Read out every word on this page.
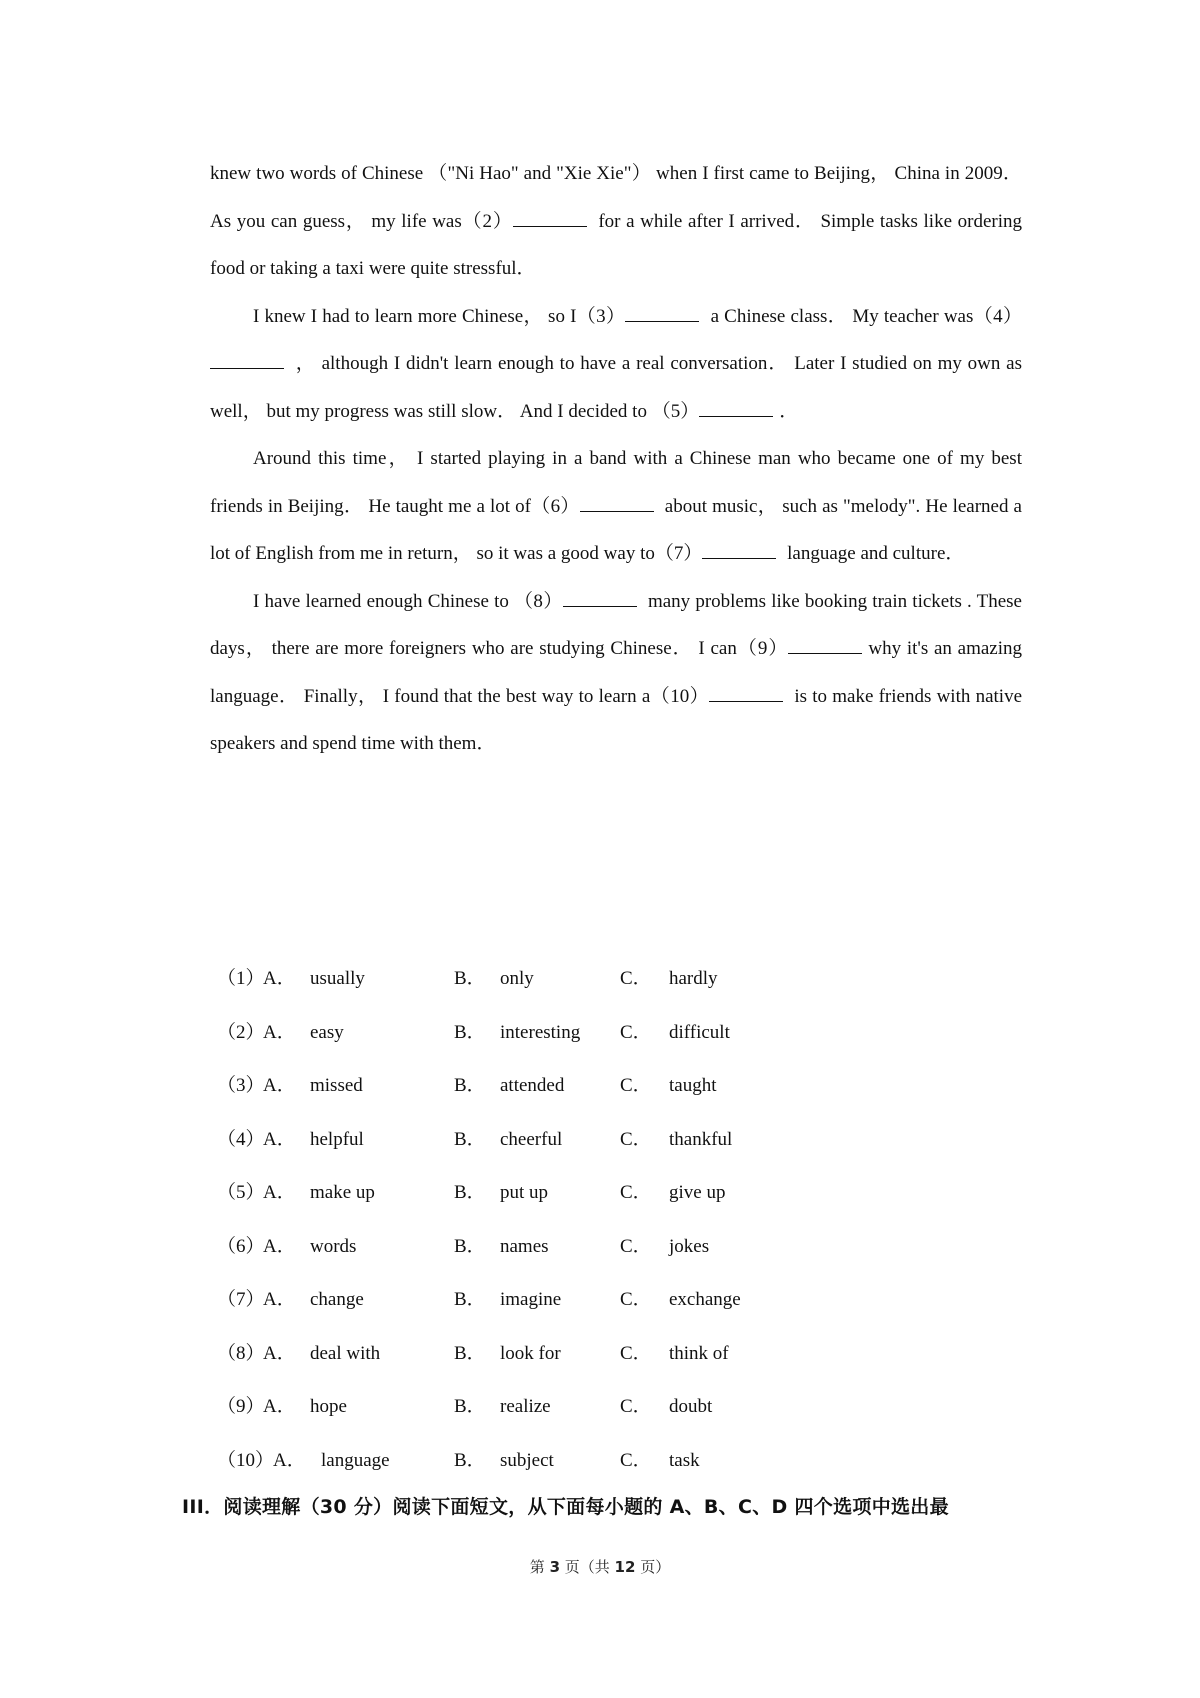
knew two words of Chinese （"Ni Hao" and "Xie Xie"） when I first came to Beijing， China in 2009． As you can guess， my life was（2）	for a while after I arrived． Simple tasks like ordering food or taking a taxi were quite stressful．

I knew I had to learn more Chinese， so I（3）	a Chinese class． My teacher was（4） ， although I didn't learn enough to have a real conversation． Later I studied on my own as well， but my progress was still slow． And I decided to （5）	．

Around this time， I started playing in a band with a Chinese man who became one of my best friends in Beijing． He taught me a lot of（6）	about music， such as "melody". He learned a lot of English from me in return， so it was a good way to（7）	language and culture．

I have learned enough Chinese to （8）	many problems like booking train tickets . These days， there are more foreigners who are studying Chinese． I can（9）	why it's an amazing language． Finally， I found that the best way to learn a（10）	is to make friends with native speakers and spend time with them．

（1）
A． usually	B． only	C． hardly
（2）
A． easy	B． interesting C． difficult
（3）
A． missed	B． attended	C． taught
（4）
A． helpful	B． cheerful	C． thankful
（5）
A． make up	B． put up	C． give up
（6）
A． words	B． names	C． jokes
（7）
A． change	B． imagine	C． exchange
（8）
A． deal with	B． look for	C． think of
（9）
A． hope	B． realize	C． doubt
（10）
A． language	B． subject	C． task
III．阅读理解（30 分）阅读下面短文，从下面每小题的 A、B、C、D 四个选项中选出最
第 3 页（共 12 页）
